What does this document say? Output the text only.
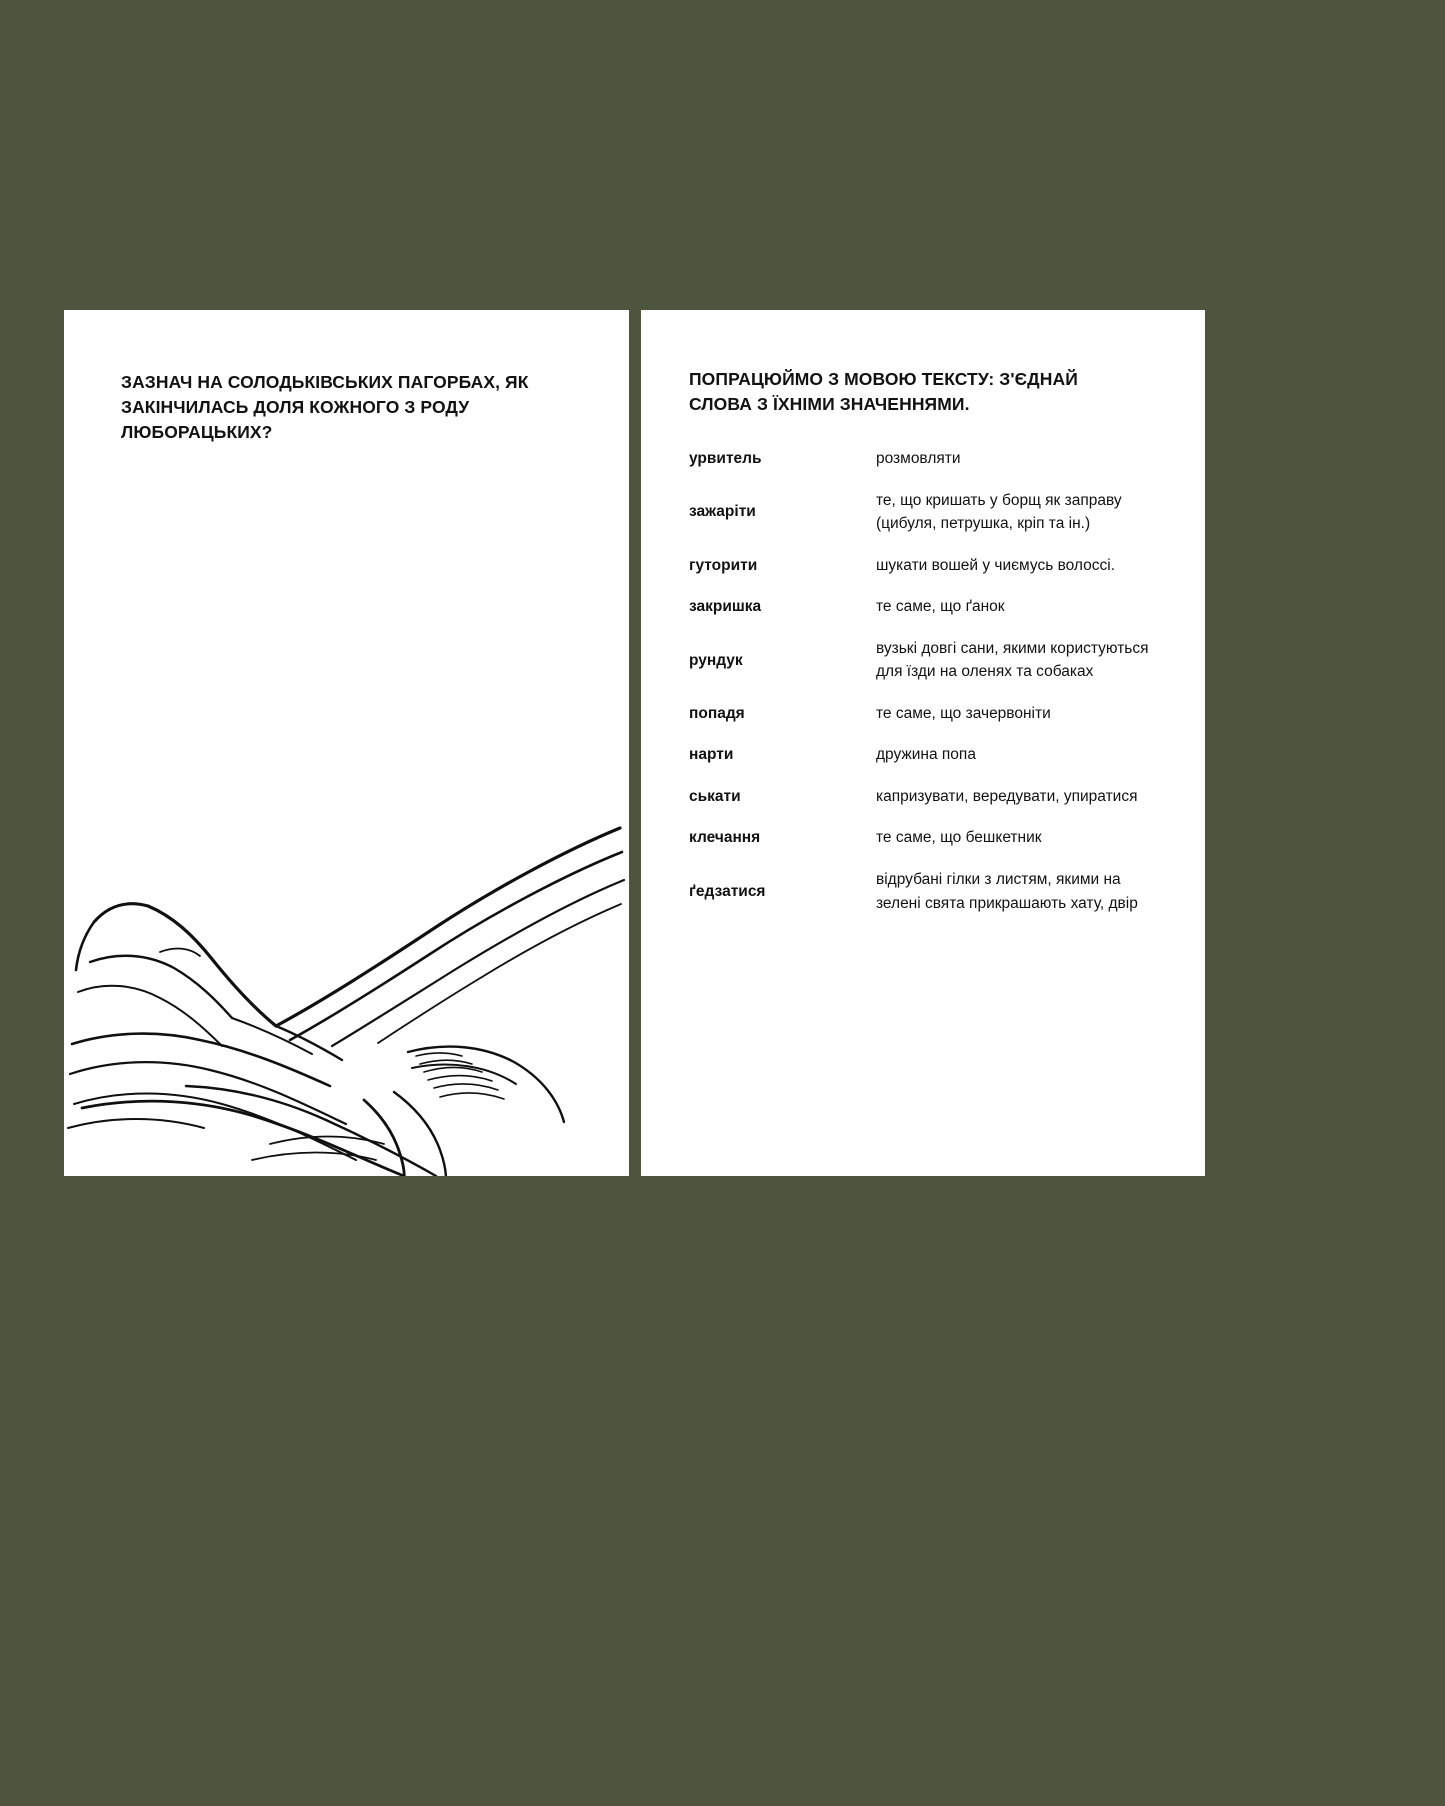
ЗАЗНАЧ НА СОЛОДЬКІВСЬКИХ ПАГОРБАХ, ЯК ЗАКІНЧИЛАСЬ ДОЛЯ КОЖНОГО З РОДУ ЛЮБОРАЦЬКИХ?
ПОПРАЦЮЙМО З МОВОЮ ТЕКСТУ: З'ЄДНАЙ СЛОВА З ЇХНІМИ ЗНАЧЕННЯМИ.
урвитель	розмовляти
зажаріти	те, що кришать у борщ як заправу (цибуля, петрушка, кріп та ін.)
гуторити	шукати вошей у чиємусь волоссі.
закришка	те саме, що ґанок
рундук	вузькі довгі сани, якими користуються для їзди на оленях та собаках
попадя	те саме, що зачервоніти
нарти	дружина попа
ськати	капризувати, вередувати, упиратися
клечання	те саме, що бешкетник
ґедзатися	відрубані гілки з листям, якими на зелені свята прикрашають хату, двір
